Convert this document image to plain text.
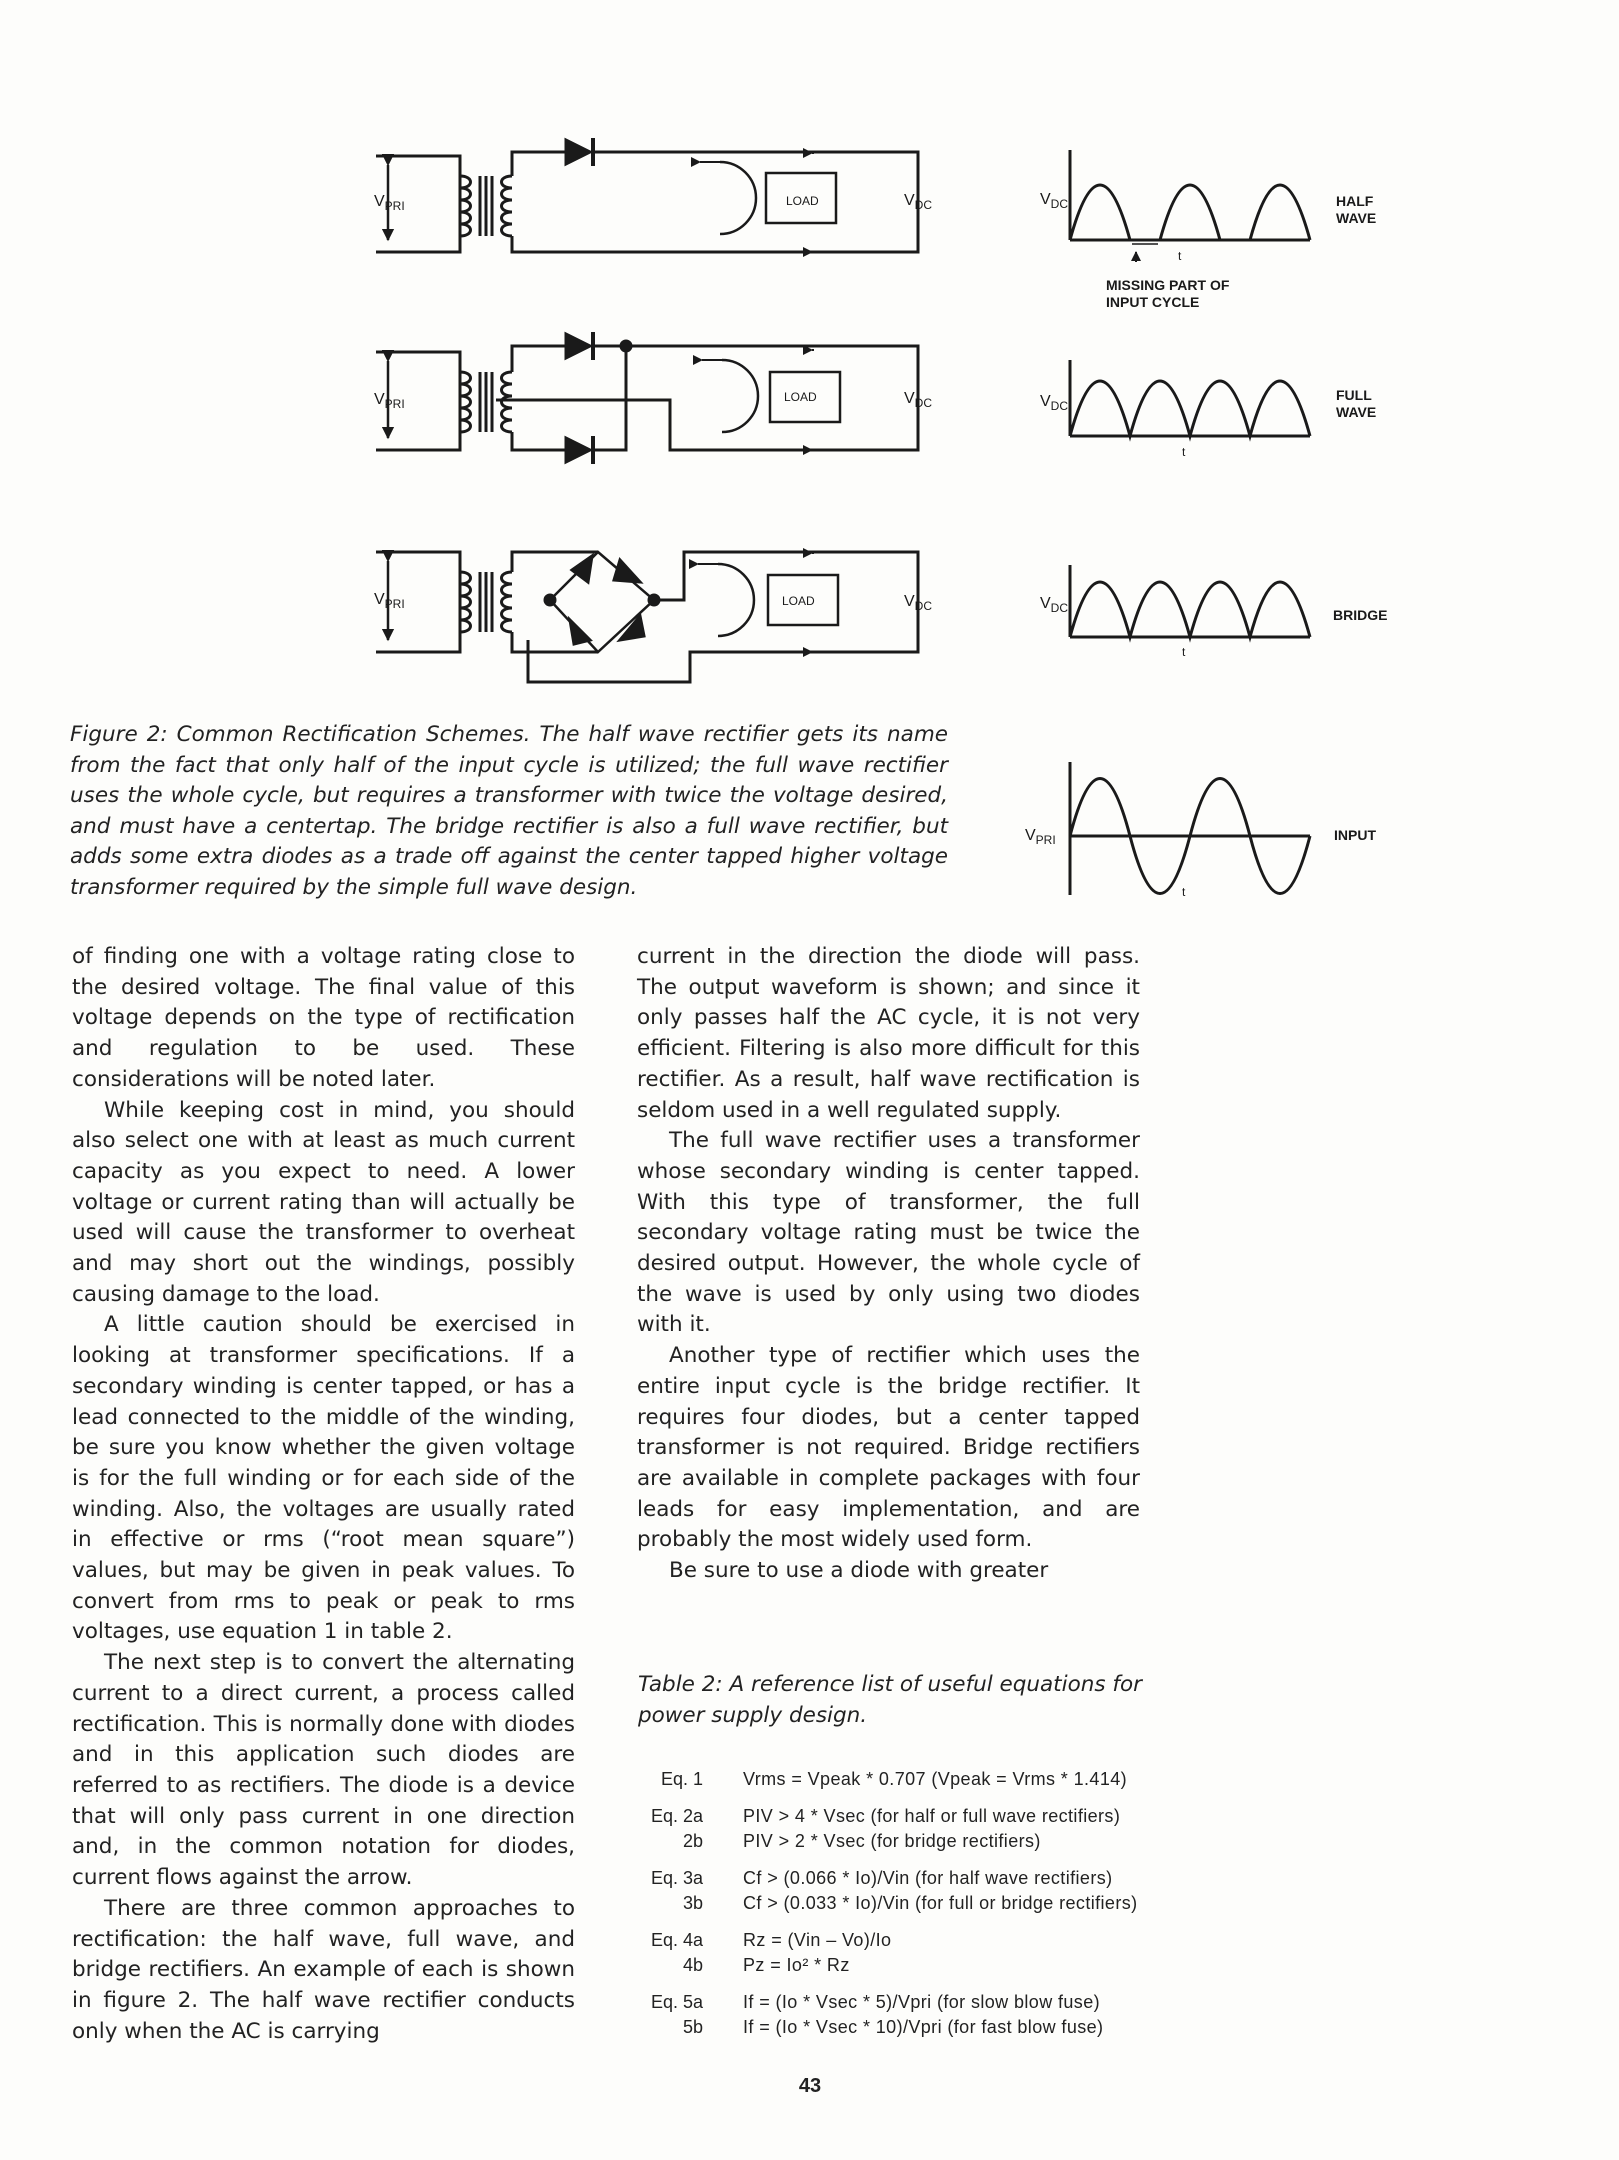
$V_{PRI}$	LOAD	$V_{DC}$
$V_{PRI}$	LOAD	$V_{DC}$
$V_{PRI}$	LOAD	$V_{DC}$
$V_{DC}$
t
MISSING PART OF
INPUT CYCLE
HALF
WAVE
$V_{DC}$
t
FULL
WAVE
$V_{DC}$
t
BRIDGE
$V_{PRI}$
t
INPUT
Figure 2: Common Rectification Schemes. The half wave rectifier gets its name from the fact that only half of the input cycle is utilized; the full wave rectifier uses the whole cycle, but requires a transformer with twice the voltage desired, and must have a centertap. The bridge rectifier is also a full wave rectifier, but adds some extra diodes as a trade off against the center tapped higher voltage transformer required by the simple full wave design.

of finding one with a voltage rating close to the desired voltage. The final value of this voltage depends on the type of rectification and regulation to be used. These considerations will be noted later.

While keeping cost in mind, you should also select one with at least as much current capacity as you expect to need. A lower voltage or current rating than will actually be used will cause the transformer to overheat and may short out the windings, possibly causing damage to the load.

A little caution should be exercised in looking at transformer specifications. If a secondary winding is center tapped, or has a lead connected to the middle of the winding, be sure you know whether the given voltage is for the full winding or for each side of the winding. Also, the voltages are usually rated in effective or rms (“root mean square”) values, but may be given in peak values. To convert from rms to peak or peak to rms voltages, use equation 1 in table 2.

The next step is to convert the alternating current to a direct current, a process called rectification. This is normally done with diodes and in this application such diodes are referred to as rectifiers. The diode is a device that will only pass current in one direction and, in the common notation for diodes, current flows against the arrow.

There are three common approaches to rectification: the half wave, full wave, and bridge rectifiers. An example of each is shown in figure 2. The half wave rectifier conducts only when the AC is carrying

current in the direction the diode will pass. The output waveform is shown; and since it only passes half the AC cycle, it is not very efficient. Filtering is also more difficult for this rectifier. As a result, half wave rectification is seldom used in a well regulated supply.

The full wave rectifier uses a transformer whose secondary winding is center tapped. With this type of transformer, the full secondary voltage rating must be twice the desired output. However, the whole cycle of the wave is used by only using two diodes with it.

Another type of rectifier which uses the entire input cycle is the bridge rectifier. It requires four diodes, but a center tapped transformer is not required. Bridge rectifiers are available in complete packages with four leads for easy implementation, and are probably the most widely used form.

Be sure to use a diode with greater

Table 2: A reference list of useful equations for power supply design.
Eq. 1	Vrms = Vpeak * 0.707 (Vpeak = Vrms * 1.414)
Eq. 2a	PIV > 4 * Vsec (for half or full wave rectifiers)
2b	PIV > 2 * Vsec (for bridge rectifiers)
Eq. 3a	Cf > (0.066 * Io)/Vin (for half wave rectifiers)
3b	Cf > (0.033 * Io)/Vin (for full or bridge rectifiers)
Eq. 4a	Rz = (Vin – Vo)/Io
4b	Pz = Io² * Rz
Eq. 5a	If = (Io * Vsec * 5)/Vpri (for slow blow fuse)
5b	If = (Io * Vsec * 10)/Vpri (for fast blow fuse)
43
